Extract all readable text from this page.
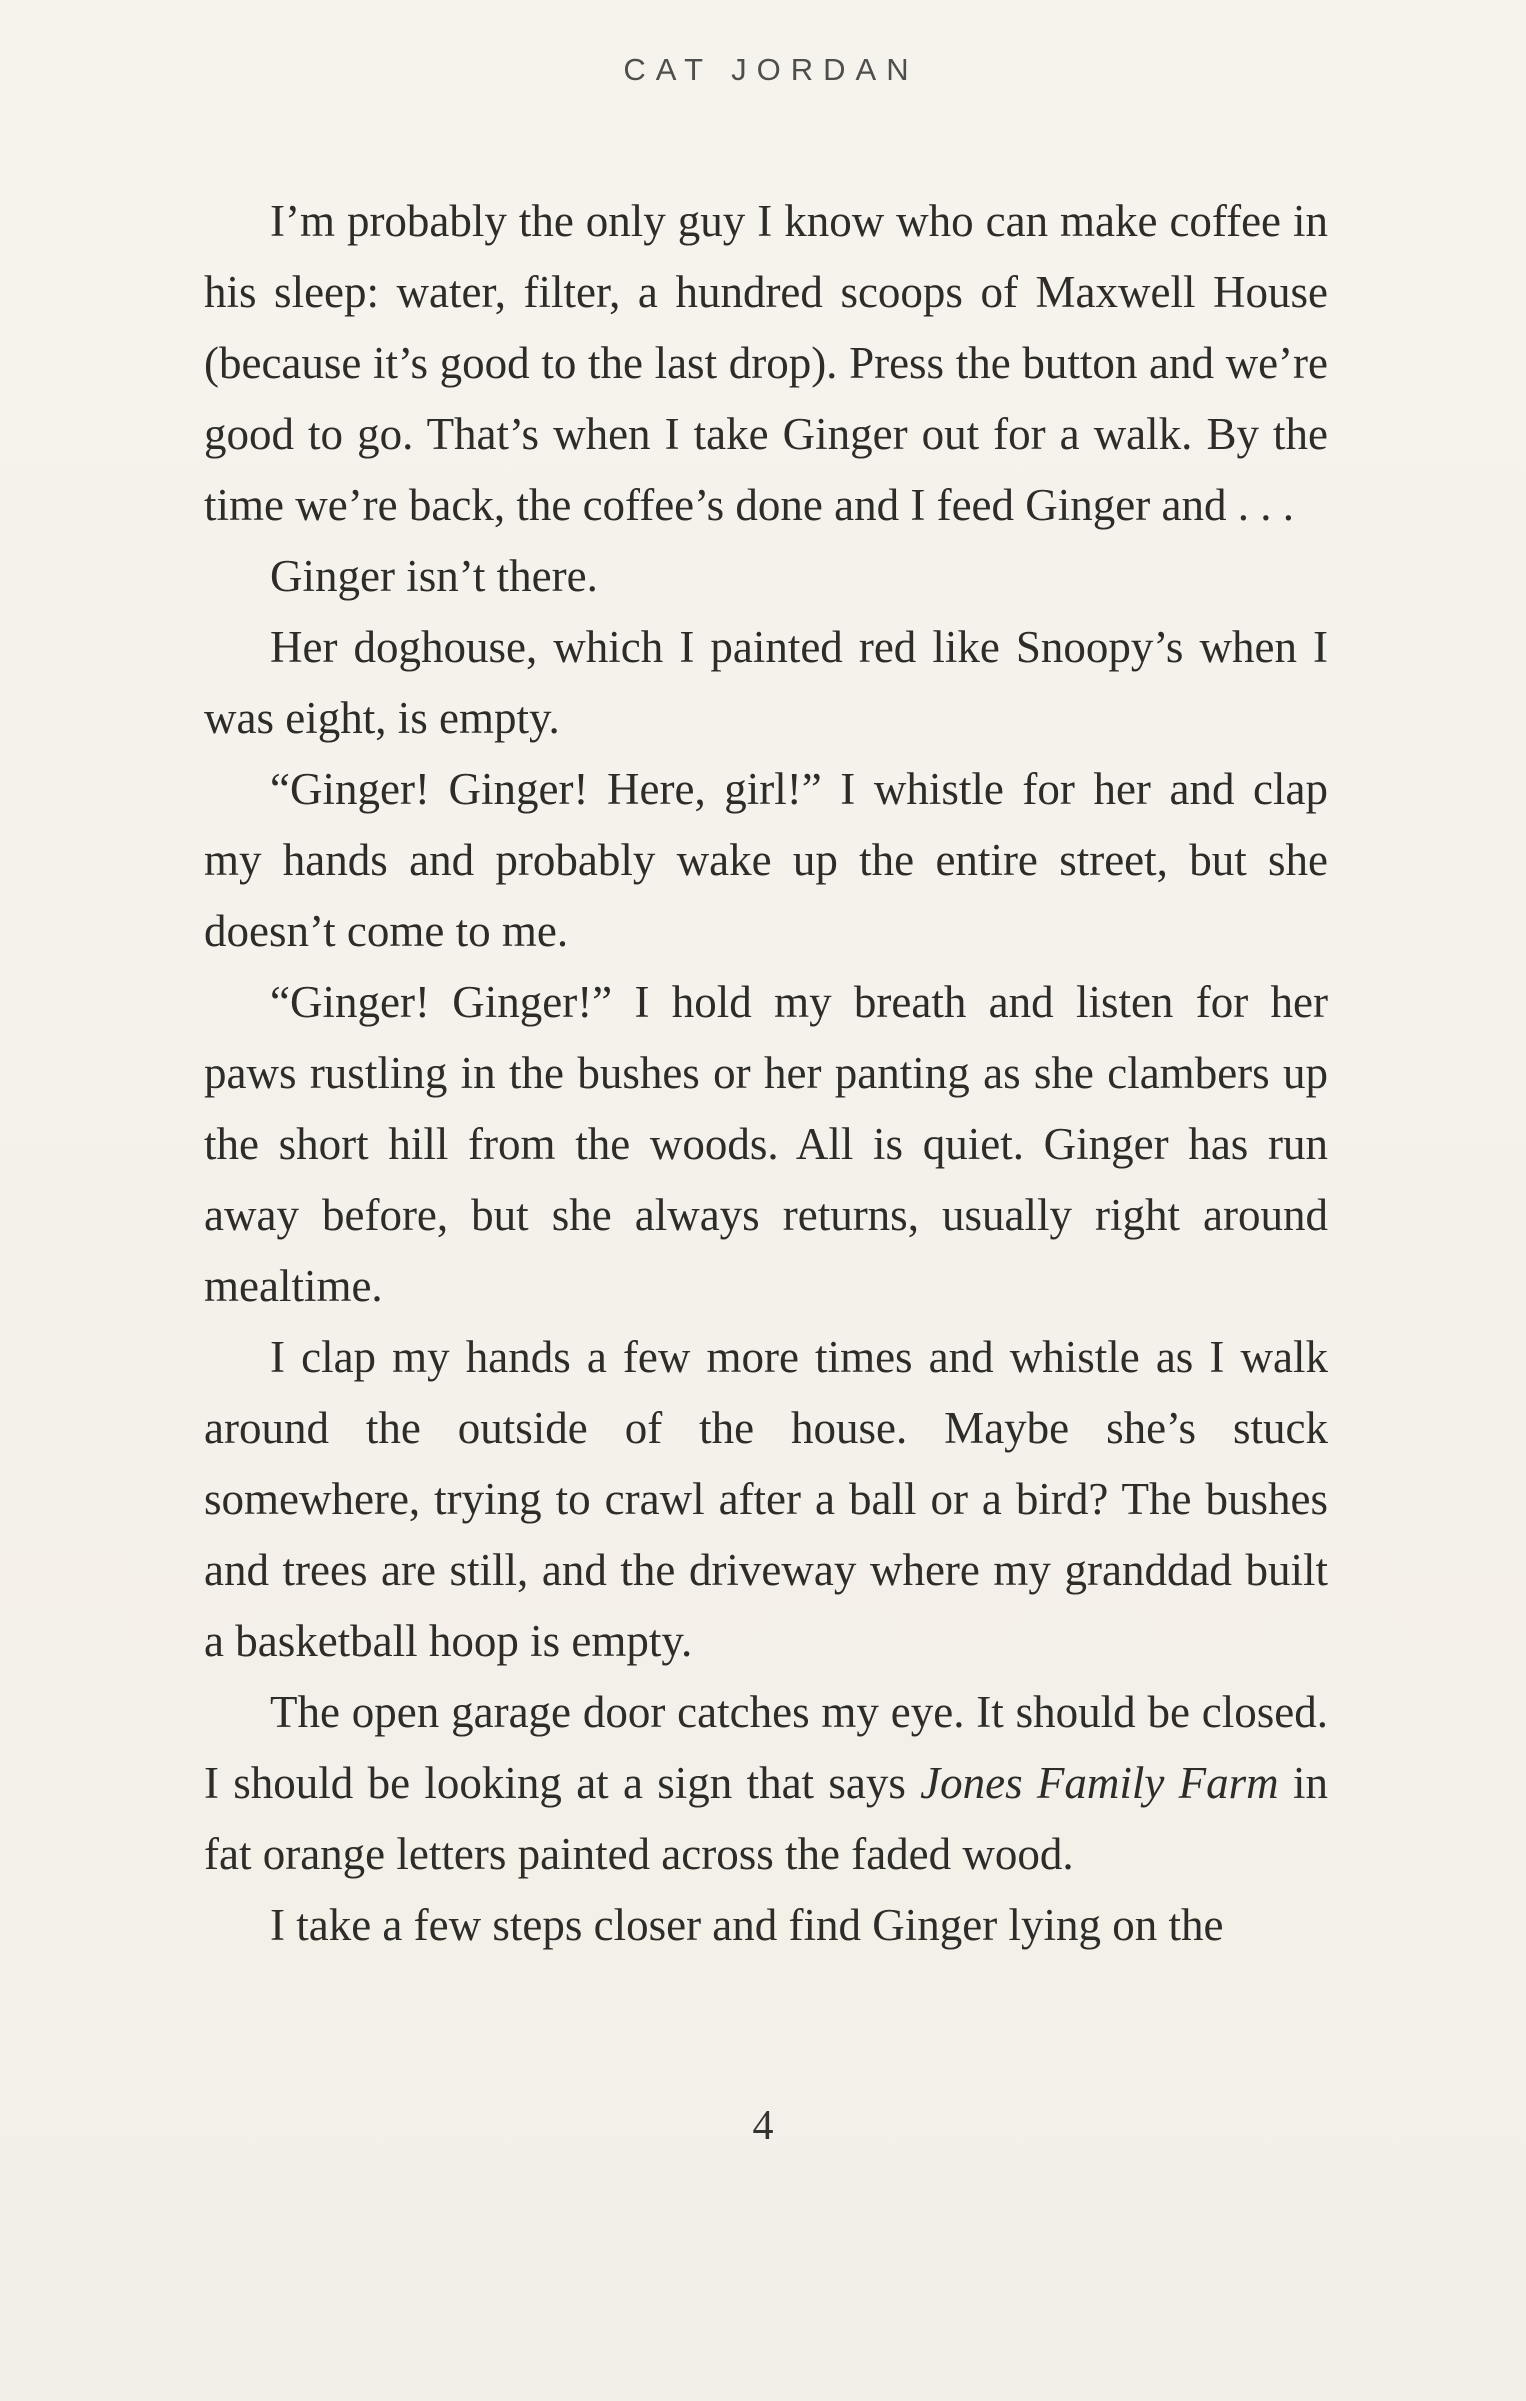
CAT JORDAN

I’m probably the only guy I know who can make coffee in his sleep: water, filter, a hundred scoops of Maxwell House (because it’s good to the last drop). Press the button and we’re good to go. That’s when I take Ginger out for a walk. By the time we’re back, the coffee’s done and I feed Ginger and . . .

Ginger isn’t there.

Her doghouse, which I painted red like Snoopy’s when I was eight, is empty.

“Ginger! Ginger! Here, girl!” I whistle for her and clap my hands and probably wake up the entire street, but she doesn’t come to me.

“Ginger! Ginger!” I hold my breath and listen for her paws rustling in the bushes or her panting as she clambers up the short hill from the woods. All is quiet. Ginger has run away before, but she always returns, usually right around mealtime.

I clap my hands a few more times and whistle as I walk around the outside of the house. Maybe she’s stuck somewhere, trying to crawl after a ball or a bird? The bushes and trees are still, and the driveway where my granddad built a basketball hoop is empty.

The open garage door catches my eye. It should be closed. I should be looking at a sign that says Jones Family Farm in fat orange letters painted across the faded wood.

I take a few steps closer and find Ginger lying on the

4
